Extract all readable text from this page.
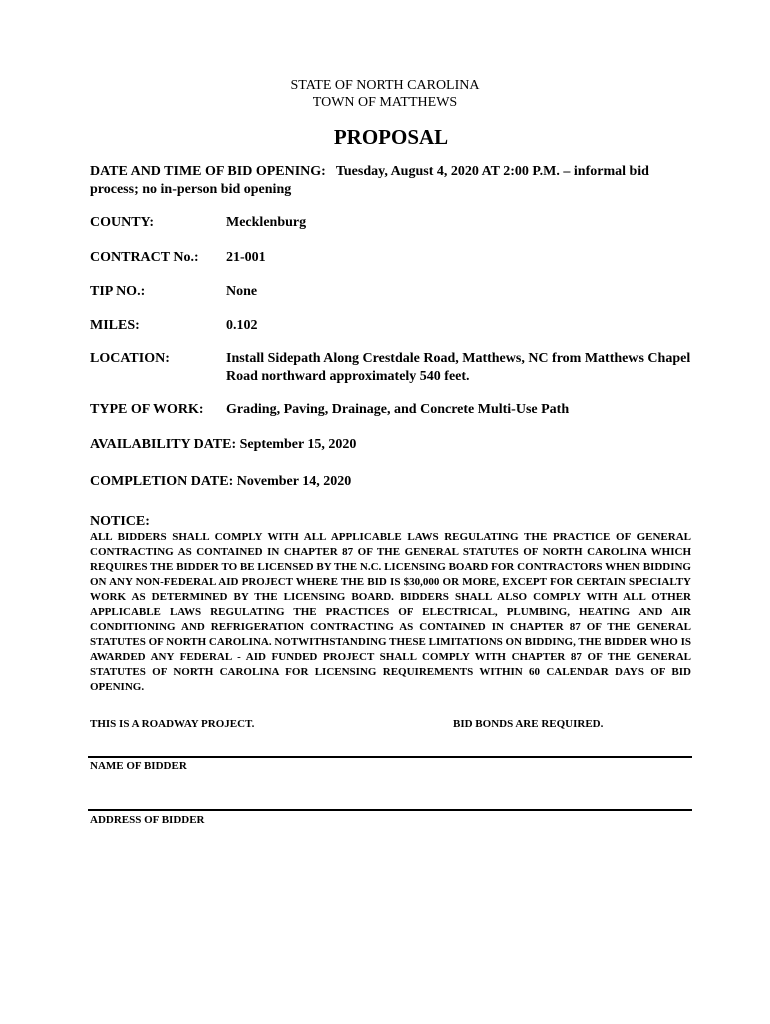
STATE OF NORTH CAROLINA
TOWN OF MATTHEWS
PROPOSAL
DATE AND TIME OF BID OPENING: Tuesday, August 4, 2020 AT 2:00 P.M. – informal bid process; no in-person bid opening
COUNTY:	Mecklenburg
CONTRACT No.: 21-001
TIP NO.:	None
MILES:	0.102
LOCATION:	Install Sidepath Along Crestdale Road, Matthews, NC from Matthews Chapel Road northward approximately 540 feet.
TYPE OF WORK: Grading, Paving, Drainage, and Concrete Multi-Use Path
AVAILABILITY DATE: September 15, 2020
COMPLETION DATE: November 14, 2020
NOTICE:
ALL BIDDERS SHALL COMPLY WITH ALL APPLICABLE LAWS REGULATING THE PRACTICE OF GENERAL CONTRACTING AS CONTAINED IN CHAPTER 87 OF THE GENERAL STATUTES OF NORTH CAROLINA WHICH REQUIRES THE BIDDER TO BE LICENSED BY THE N.C. LICENSING BOARD FOR CONTRACTORS WHEN BIDDING ON ANY NON-FEDERAL AID PROJECT WHERE THE BID IS $30,000 OR MORE, EXCEPT FOR CERTAIN SPECIALTY WORK AS DETERMINED BY THE LICENSING BOARD. BIDDERS SHALL ALSO COMPLY WITH ALL OTHER APPLICABLE LAWS REGULATING THE PRACTICES OF ELECTRICAL, PLUMBING, HEATING AND AIR CONDITIONING AND REFRIGERATION CONTRACTING AS CONTAINED IN CHAPTER 87 OF THE GENERAL STATUTES OF NORTH CAROLINA. NOTWITHSTANDING THESE LIMITATIONS ON BIDDING, THE BIDDER WHO IS AWARDED ANY FEDERAL - AID FUNDED PROJECT SHALL COMPLY WITH CHAPTER 87 OF THE GENERAL STATUTES OF NORTH CAROLINA FOR LICENSING REQUIREMENTS WITHIN 60 CALENDAR DAYS OF BID OPENING.
THIS IS A ROADWAY PROJECT.	BID BONDS ARE REQUIRED.
NAME OF BIDDER
ADDRESS OF BIDDER
